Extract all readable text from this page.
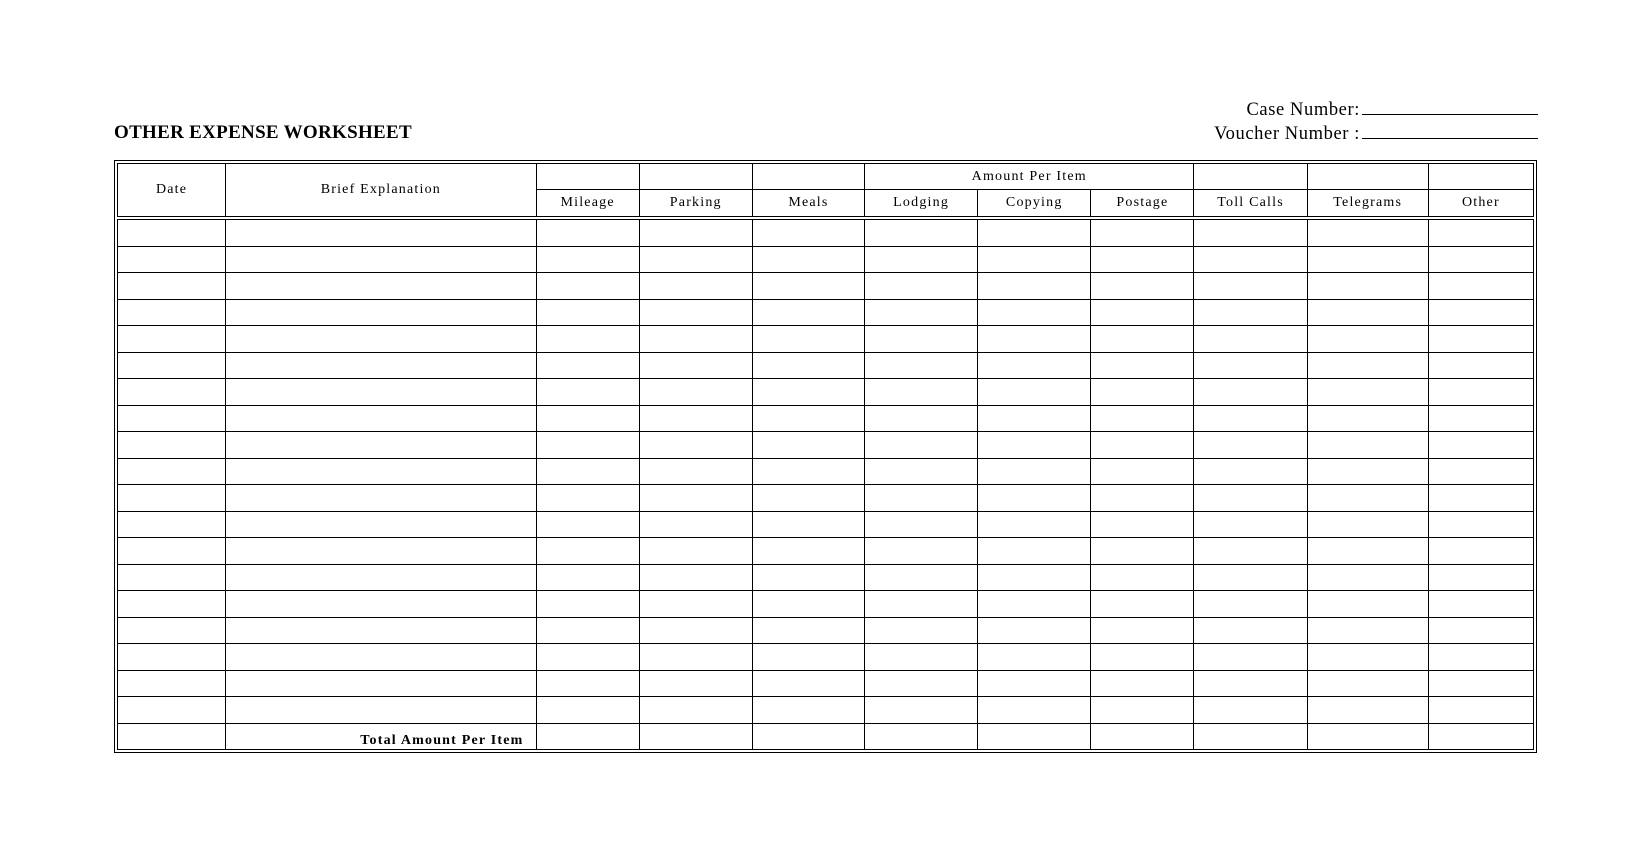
OTHER EXPENSE WORKSHEET
Case Number:
Voucher Number :
Date	Brief Explanation				Amount Per Item					
		Mileage	Parking	Meals	Lodging	Copying	Postage	Toll Calls	Telegrams	Other

	Total Amount Per Item									
